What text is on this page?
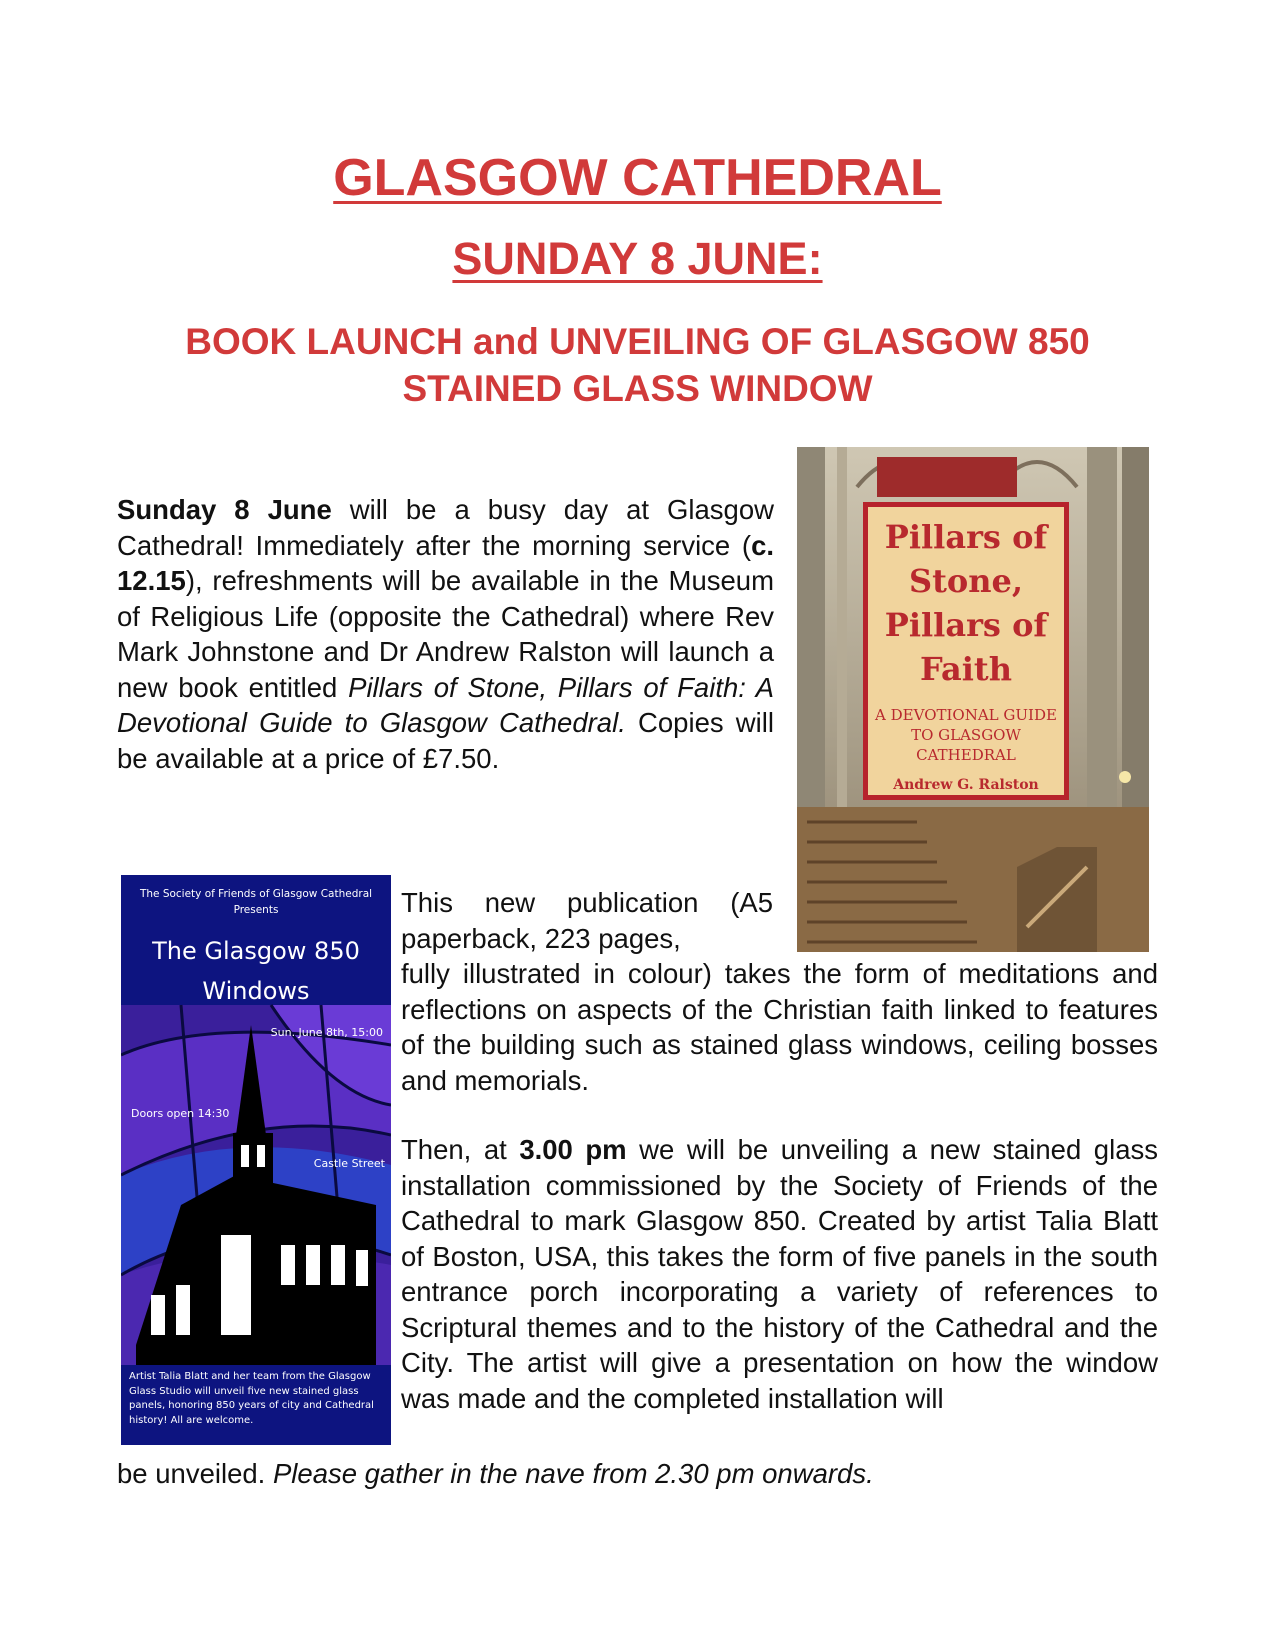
GLASGOW CATHEDRAL
SUNDAY 8 JUNE:
BOOK LAUNCH and UNVEILING OF GLASGOW 850
STAINED GLASS WINDOW
Sunday 8 June will be a busy day at Glasgow Cathedral! Immediately after the morning service (c. 12.15), refreshments will be available in the Museum of Religious Life (opposite the Cathedral) where Rev Mark Johnstone and Dr Andrew Ralston will launch a new book entitled Pillars of Stone, Pillars of Faith: A Devotional Guide to Glasgow Cathedral. Copies will be available at a price of £7.50.
Pillars of
Stone,
Pillars of
Faith
A DEVOTIONAL GUIDE
TO GLASGOW
CATHEDRAL
Andrew G. Ralston
The Society of Friends of Glasgow Cathedral
Presents
The Glasgow 850
Windows
Sun. June 8th, 15:00
Doors open 14:30
Castle Street
Artist Talia Blatt and her team from the Glasgow Glass Studio will unveil five new stained glass panels, honoring 850 years of city and Cathedral history! All are welcome.
This new publication (A5 paperback, 223 pages,
fully illustrated in colour) takes the form of meditations and reflections on aspects of the Christian faith linked to features of the building such as stained glass windows, ceiling bosses and memorials.
Then, at 3.00 pm we will be unveiling a new stained glass installation commissioned by the Society of Friends of the Cathedral to mark Glasgow 850. Created by artist Talia Blatt of Boston, USA, this takes the form of five panels in the south entrance porch incorporating a variety of references to Scriptural themes and to the history of the Cathedral and the City. The artist will give a presentation on how the window was made and the completed installation will
be unveiled. Please gather in the nave from 2.30 pm onwards.
